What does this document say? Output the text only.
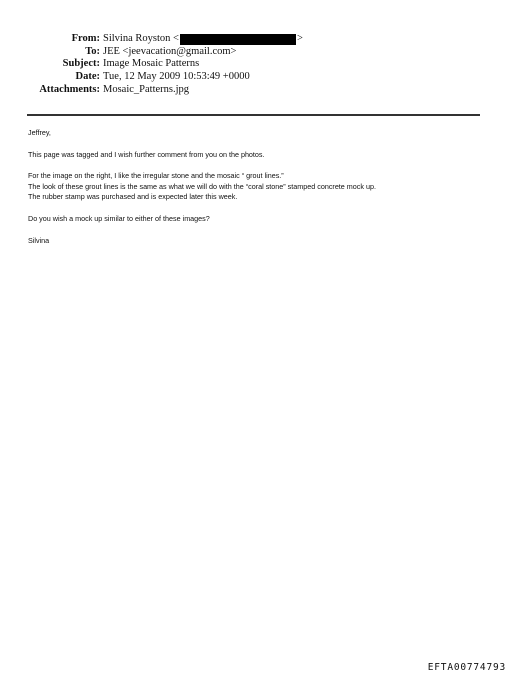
From: Silvina Royston <	>
To: JEE <jeevacation@gmail.com>
Subject: Image Mosaic Patterns
Date: Tue, 12 May 2009 10:53:49 +0000
Attachments: Mosaic_Patterns.jpg

Jeffrey,

This page was tagged and I wish further comment from you on the photos.

For the image on the right, I like the irregular stone and the mosaic “ grout lines.”

The look of these grout lines is the same as what we will do with the “coral stone” stamped concrete mock up.

The rubber stamp was purchased and is expected later this week.

Do you wish a mock up similar to either of these images?

Silvina

EFTA00774793
